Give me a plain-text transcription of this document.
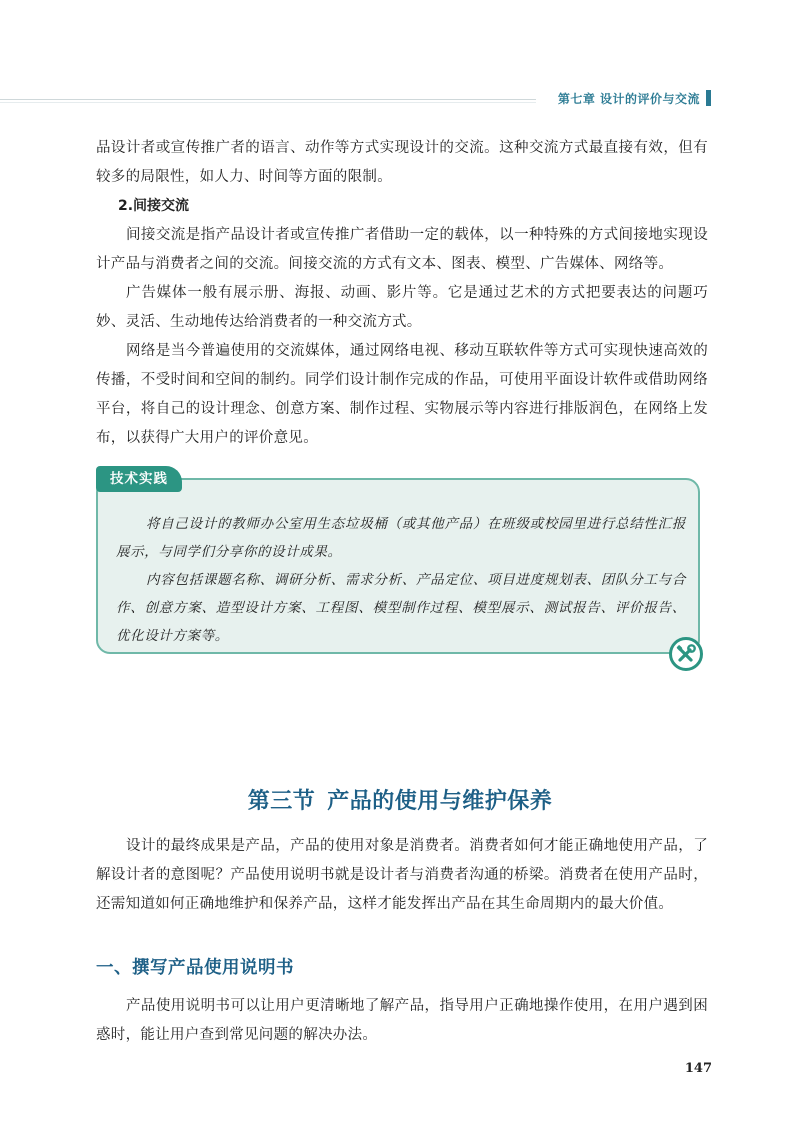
第七章 设计的评价与交流

品设计者或宣传推广者的语言、动作等方式实现设计的交流。这种交流方式最直接有效，但有较多的局限性，如人力、时间等方面的限制。

2.间接交流

间接交流是指产品设计者或宣传推广者借助一定的载体，以一种特殊的方式间接地实现设计产品与消费者之间的交流。间接交流的方式有文本、图表、模型、广告媒体、网络等。

广告媒体一般有展示册、海报、动画、影片等。它是通过艺术的方式把要表达的问题巧妙、灵活、生动地传达给消费者的一种交流方式。

网络是当今普遍使用的交流媒体，通过网络电视、移动互联软件等方式可实现快速高效的传播，不受时间和空间的制约。同学们设计制作完成的作品，可使用平面设计软件或借助网络平台，将自己的设计理念、创意方案、制作过程、实物展示等内容进行排版润色，在网络上发布，以获得广大用户的评价意见。

技术实践

将自己设计的教师办公室用生态垃圾桶（或其他产品）在班级或校园里进行总结性汇报展示，与同学们分享你的设计成果。

内容包括课题名称、调研分析、需求分析、产品定位、项目进度规划表、团队分工与合作、创意方案、造型设计方案、工程图、模型制作过程、模型展示、测试报告、评价报告、优化设计方案等。

第三节 产品的使用与维护保养

设计的最终成果是产品，产品的使用对象是消费者。消费者如何才能正确地使用产品，了解设计者的意图呢？产品使用说明书就是设计者与消费者沟通的桥梁。消费者在使用产品时，还需知道如何正确地维护和保养产品，这样才能发挥出产品在其生命周期内的最大价值。

一、撰写产品使用说明书

产品使用说明书可以让用户更清晰地了解产品，指导用户正确地操作使用，在用户遇到困惑时，能让用户查到常见问题的解决办法。

147
